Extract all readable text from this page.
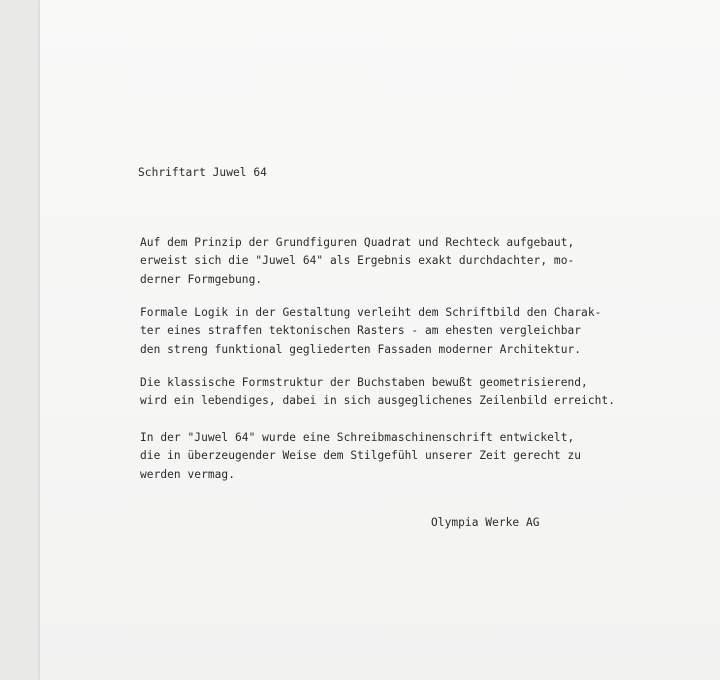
Schriftart Juwel 64

Auf dem Prinzip der Grundfiguren Quadrat und Rechteck aufgebaut,
erweist sich die "Juwel 64" als Ergebnis exakt durchdachter, mo-
derner Formgebung.

Formale Logik in der Gestaltung verleiht dem Schriftbild den Charak-
ter eines straffen tektonischen Rasters - am ehesten vergleichbar
den streng funktional gegliederten Fassaden moderner Architektur.

Die klassische Formstruktur der Buchstaben bewußt geometrisierend,
wird ein lebendiges, dabei in sich ausgeglichenes Zeilenbild erreicht.

In der "Juwel 64" wurde eine Schreibmaschinenschrift entwickelt,
die in überzeugender Weise dem Stilgefühl unserer Zeit gerecht zu
werden vermag.

Olympia Werke AG
